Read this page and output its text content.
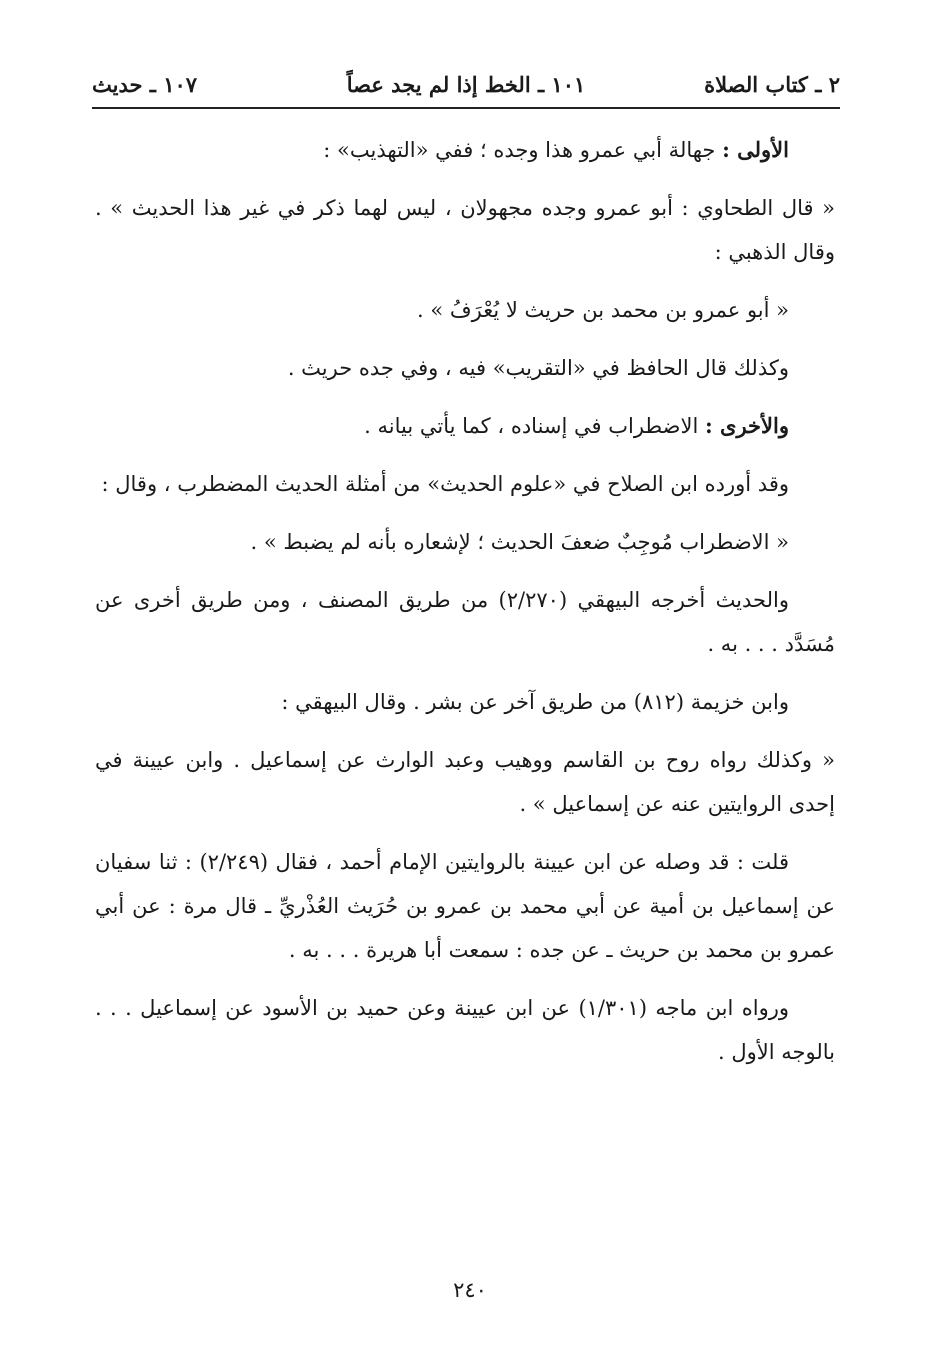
٢ ـ كتاب الصلاة
١٠١ ـ الخط إذا لم يجد عصاً
١٠٧ ـ حديث

الأولى : جهالة أبي عمرو هذا وجده ؛ ففي «التهذيب» :

« قال الطحاوي : أبو عمرو وجده مجهولان ، ليس لهما ذكر في غير هذا الحديث » . وقال الذهبي :

« أبو عمرو بن محمد بن حريث لا يُعْرَفُ » .

وكذلك قال الحافظ في «التقريب» فيه ، وفي جده حريث .

والأخرى : الاضطراب في إسناده ، كما يأتي بيانه .

وقد أورده ابن الصلاح في «علوم الحديث» من أمثلة الحديث المضطرب ، وقال :

« الاضطراب مُوجِبٌ ضعفَ الحديث ؛ لإشعاره بأنه لم يضبط » .

والحديث أخرجه البيهقي (٢/٢٧٠) من طريق المصنف ، ومن طريق أخرى عن مُسَدَّد . . . به .

وابن خزيمة (٨١٢) من طريق آخر عن بشر . وقال البيهقي :

« وكذلك رواه روح بن القاسم ووهيب وعبد الوارث عن إسماعيل . وابن عيينة في إحدى الروايتين عنه عن إسماعيل » .

قلت : قد وصله عن ابن عيينة بالروايتين الإمام أحمد ، فقال (٢/٢٤٩) : ثنا سفيان عن إسماعيل بن أمية عن أبي محمد بن عمرو بن حُرَيث العُذْريِّ ـ قال مرة : عن أبي عمرو بن محمد بن حريث ـ عن جده : سمعت أبا هريرة . . . به .

ورواه ابن ماجه (١/٣٠١) عن ابن عيينة وعن حميد بن الأسود عن إسماعيل . . . بالوجه الأول .

٢٤٠
